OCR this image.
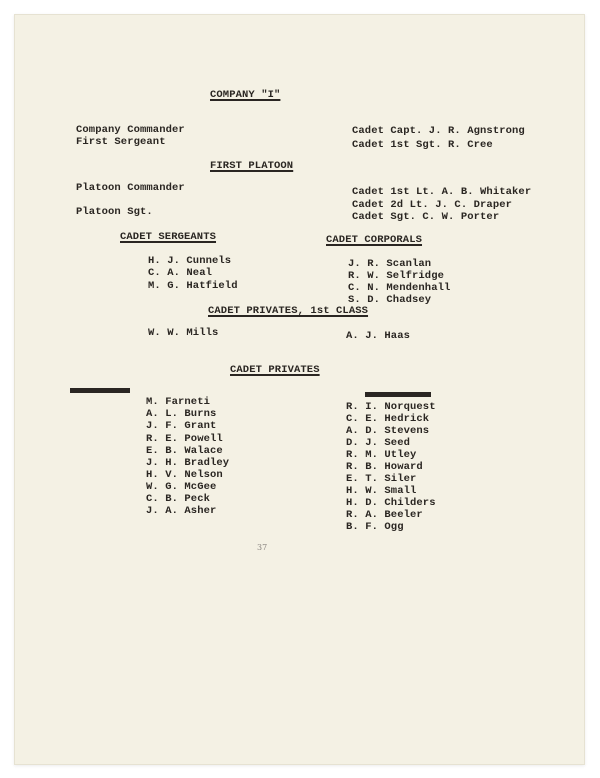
COMPANY "I"
Company Commander
First Sergeant
Cadet Capt. J. R. Agnstrong
Cadet 1st Sgt. R. Cree
FIRST PLATOON
Platoon Commander
Platoon Sgt.
Cadet 1st Lt. A. B. Whitaker
Cadet 2d Lt. J. C. Draper
Cadet Sgt. C. W. Porter
CADET SERGEANTS	CADET CORPORALS
H. J. Cunnels
C. A. Neal
M. G. Hatfield
J. R. Scanlan
R. W. Selfridge
C. N. Mendenhall
S. D. Chadsey
CADET PRIVATES, 1st CLASS
W. W. Mills	A. J. Haas
CADET PRIVATES
M. Farneti
A. L. Burns
J. F. Grant
R. E. Powell
E. B. Walace
J. H. Bradley
H. V. Nelson
W. G. McGee
C. B. Peck
J. A. Asher
R. I. Norquest
C. E. Hedrick
A. D. Stevens
D. J. Seed
R. M. Utley
R. B. Howard
E. T. Siler
H. W. Small
H. D. Childers
R. A. Beeler
B. F. Ogg
37
